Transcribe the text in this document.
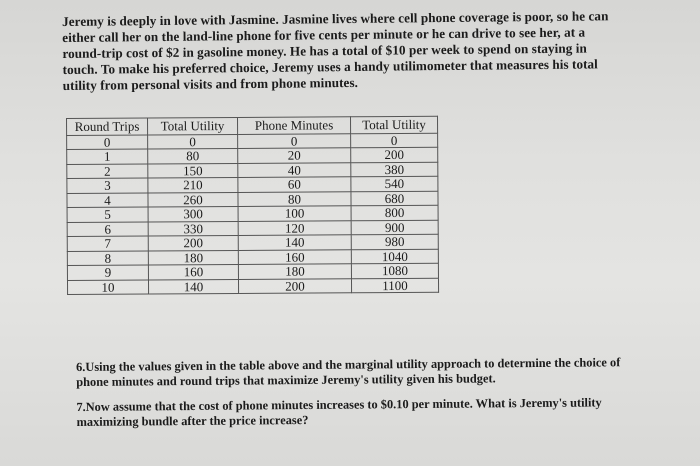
Jeremy is deeply in love with Jasmine. Jasmine lives where cell phone coverage is poor, so he can either call her on the land-line phone for five cents per minute or he can drive to see her, at a round-trip cost of $2 in gasoline money. He has a total of $10 per week to spend on staying in touch. To make his preferred choice, Jeremy uses a handy utilimometer that measures his total utility from personal visits and from phone minutes.

Round Trips	Total Utility	Phone Minutes	Total Utility
0	0	0	0
1	80	20	200
2	150	40	380
3	210	60	540
4	260	80	680
5	300	100	800
6	330	120	900
7	200	140	980
8	180	160	1040
9	160	180	1080
10	140	200	1100

6.Using the values given in the table above and the marginal utility approach to determine the choice of phone minutes and round trips that maximize Jeremy's utility given his budget.

7.Now assume that the cost of phone minutes increases to $0.10 per minute. What is Jeremy's utility maximizing bundle after the price increase?
